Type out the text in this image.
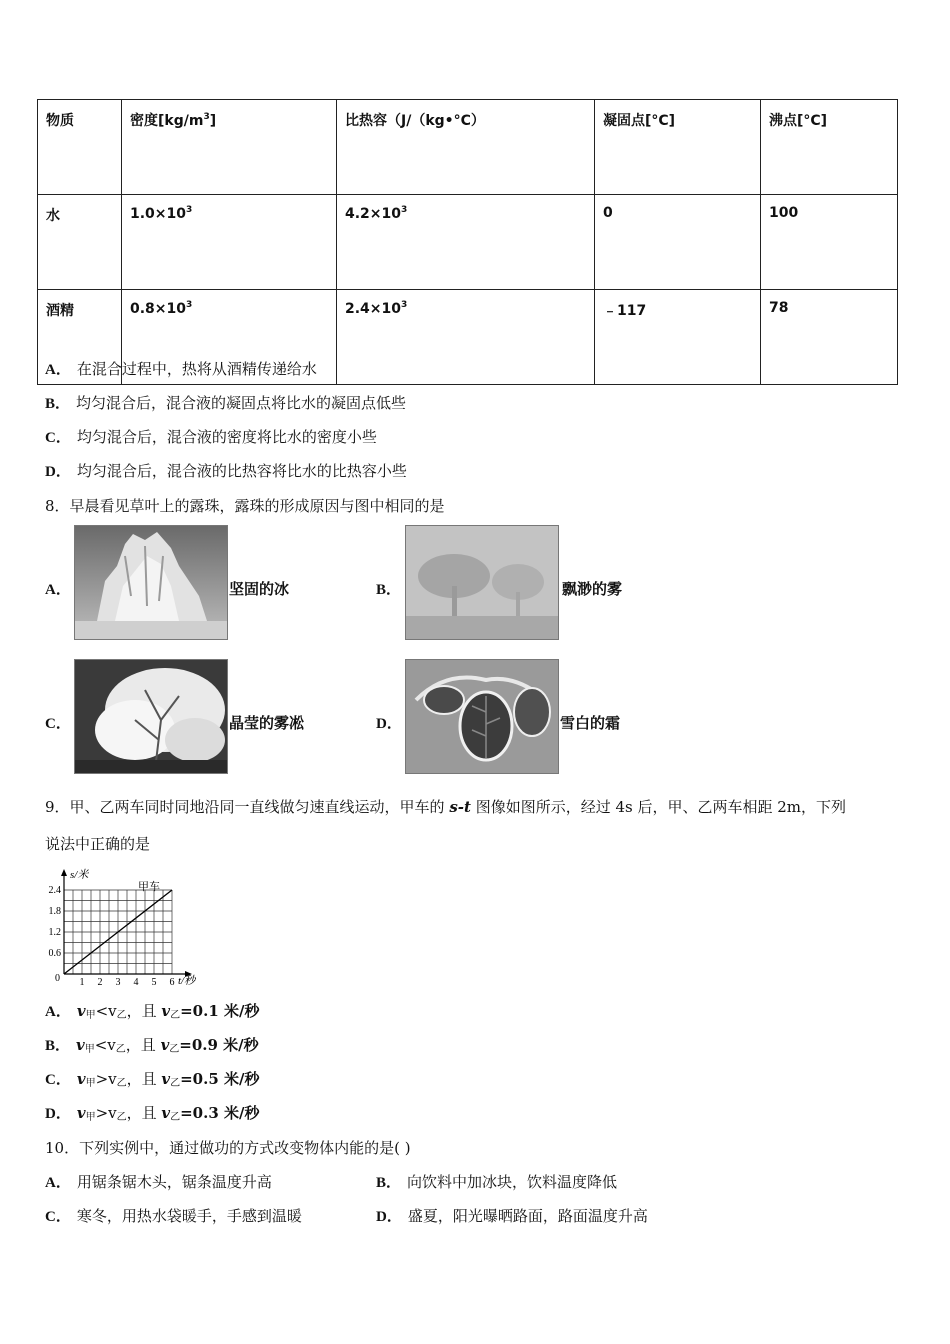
物质	密度$[kg/m^3]$	比热容（J/（kg•°C）	凝固点[°C]	沸点[°C]
水	$1.0\times 10^3$	$4.2\times 10^3$	0	100
酒精	$0.8\times 10^3$	$2.4\times 10^3$	﹣117	78
A． 在混合过程中，热将从酒精传递给水
B． 均匀混合后，混合液的凝固点将比水的凝固点低些
C． 均匀混合后，混合液的密度将比水的密度小些
D． 均匀混合后，混合液的比热容将比水的比热容小些
8．早晨看见草叶上的露珠，露珠的形成原因与图中相同的是
A．	坚固的冰	B．	飘渺的雾
C．	晶莹的雾凇	D．	雪白的霜
9．甲、乙两车同时同地沿同一直线做匀速直线运动，甲车的 s-t 图像如图所示，经过 4s 后，甲、乙两车相距 2m，下列
说法中正确的是
s/米
t/秒
甲车
0
2.4
1.8
1.2
0.6
1 2 3 4 5 6
A． $v_甲<v_乙$，且 $v_乙=0.1$ 米/秒
B． $v_甲<v_乙$，且 $v_乙=0.9$ 米/秒
C． $v_甲>v_乙$，且 $v_乙=0.5$ 米/秒
D． $v_甲>v_乙$，且 $v_乙=0.3$ 米/秒
10．下列实例中，通过做功的方式改变物体内能的是( )
A． 用锯条锯木头，锯条温度升高	B． 向饮料中加冰块，饮料温度降低
C． 寒冬，用热水袋暖手，手感到温暖	D． 盛夏，阳光曝晒路面，路面温度升高
